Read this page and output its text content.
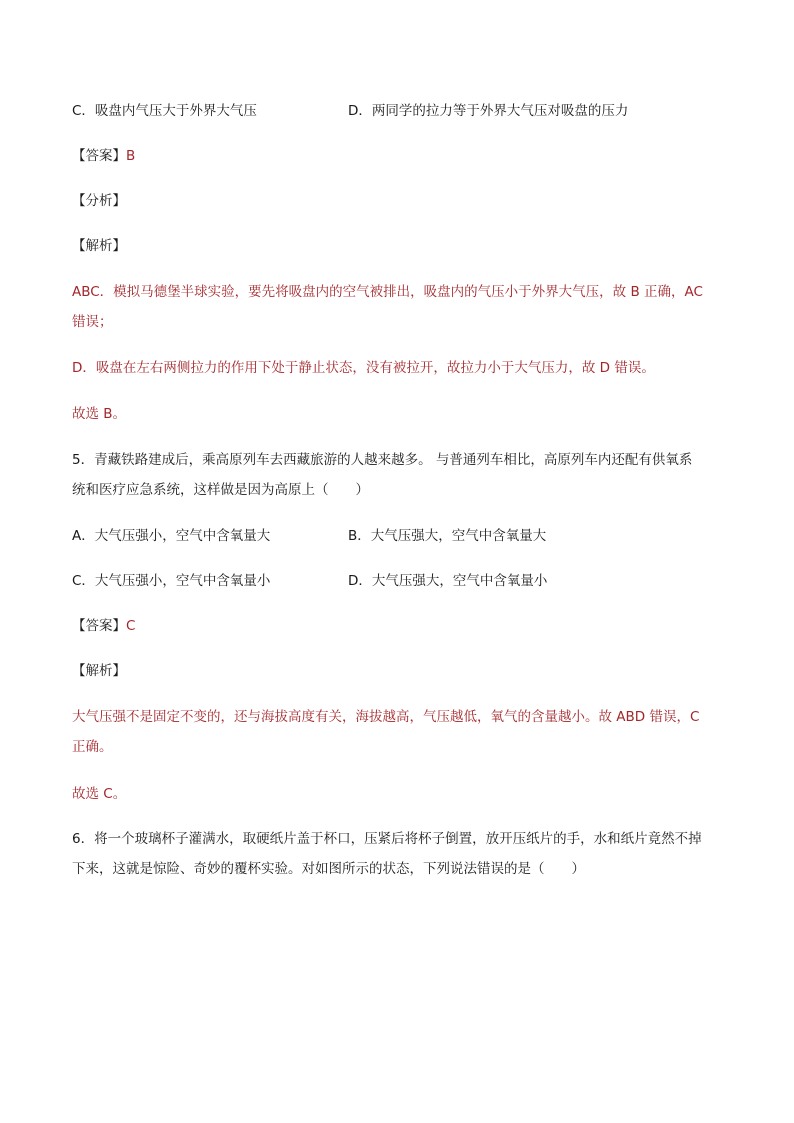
C．吸盘内气压大于外界大气压	D．两同学的拉力等于外界大气压对吸盘的压力
【答案】B
【分析】
【解析】
ABC．模拟马德堡半球实验，要先将吸盘内的空气被排出，吸盘内的气压小于外界大气压，故 B 正确，AC
错误；
D．吸盘在左右两侧拉力的作用下处于静止状态，没有被拉开，故拉力小于大气压力，故 D 错误。
故选 B。
5．青藏铁路建成后，乘高原列车去西藏旅游的人越来越多。 与普通列车相比，高原列车内还配有供氧系
统和医疗应急系统，这样做是因为高原上（　　）
A．大气压强小，空气中含氧量大	B．大气压强大，空气中含氧量大
C．大气压强小，空气中含氧量小	D．大气压强大，空气中含氧量小
【答案】C
【解析】
大气压强不是固定不变的，还与海拔高度有关，海拔越高，气压越低，氧气的含量越小。故 ABD 错误，C
正确。
故选 C。
6．将一个玻璃杯子灌满水，取硬纸片盖于杯口，压紧后将杯子倒置，放开压纸片的手，水和纸片竟然不掉
下来，这就是惊险、奇妙的覆杯实验。对如图所示的状态，下列说法错误的是（　　）
